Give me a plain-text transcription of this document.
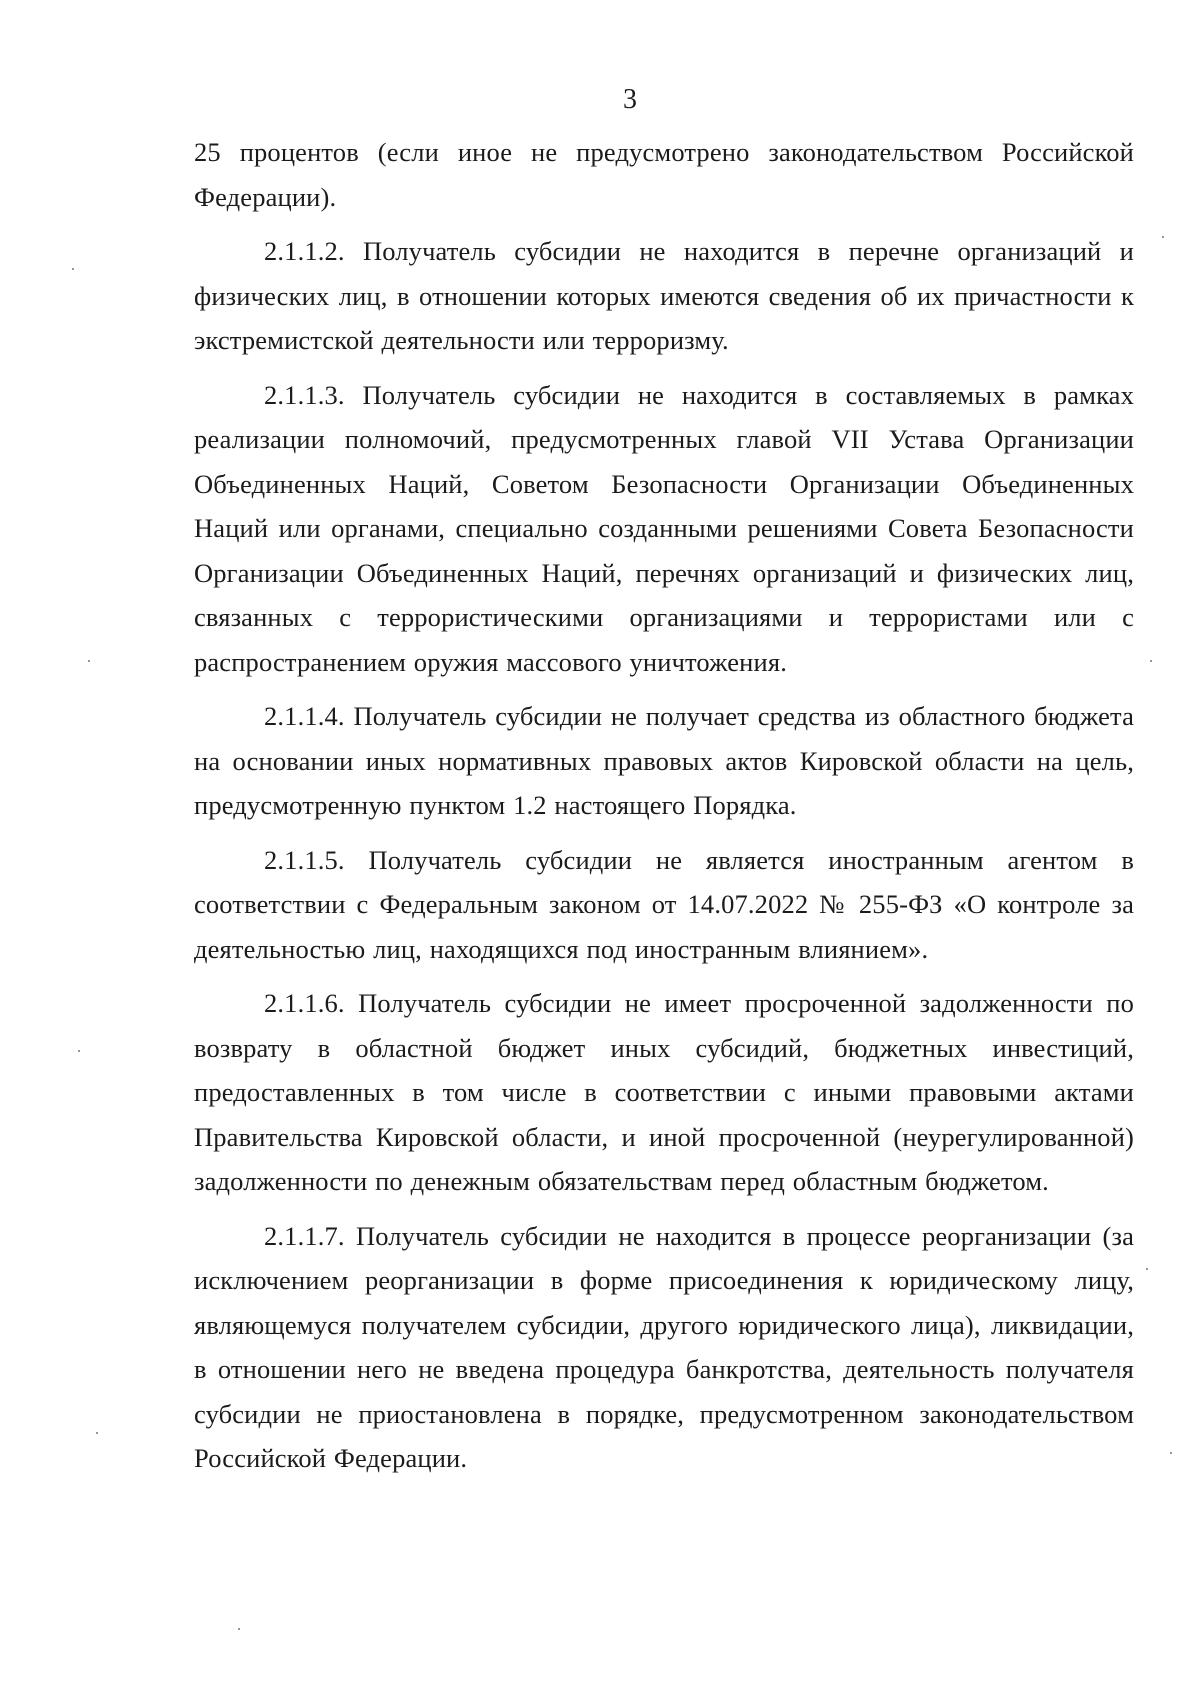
3

25 процентов (если иное не предусмотрено законодательством Российской Федерации).

2.1.1.2. Получатель субсидии не находится в перечне организаций и физических лиц, в отношении которых имеются сведения об их причастности к экстремистской деятельности или терроризму.

2.1.1.3. Получатель субсидии не находится в составляемых в рамках реализации полномочий, предусмотренных главой VII Устава Организации Объединенных Наций, Советом Безопасности Организации Объединенных Наций или органами, специально созданными решениями Совета Безопасности Организации Объединенных Наций, перечнях организаций и физических лиц, связанных с террористическими организациями и террористами или с распространением оружия массового уничтожения.

2.1.1.4. Получатель субсидии не получает средства из областного бюджета на основании иных нормативных правовых актов Кировской области на цель, предусмотренную пунктом 1.2 настоящего Порядка.

2.1.1.5. Получатель субсидии не является иностранным агентом в соответствии с Федеральным законом от 14.07.2022 № 255-ФЗ «О контроле за деятельностью лиц, находящихся под иностранным влиянием».

2.1.1.6. Получатель субсидии не имеет просроченной задолженности по возврату в областной бюджет иных субсидий, бюджетных инвестиций, предоставленных в том числе в соответствии с иными правовыми актами Правительства Кировской области, и иной просроченной (неурегулированной) задолженности по денежным обязательствам перед областным бюджетом.

2.1.1.7. Получатель субсидии не находится в процессе реорганизации (за исключением реорганизации в форме присоединения к юридическому лицу, являющемуся получателем субсидии, другого юридического лица), ликвидации, в отношении него не введена процедура банкротства, деятельность получателя субсидии не приостановлена в порядке, предусмотренном законодательством Российской Федерации.
